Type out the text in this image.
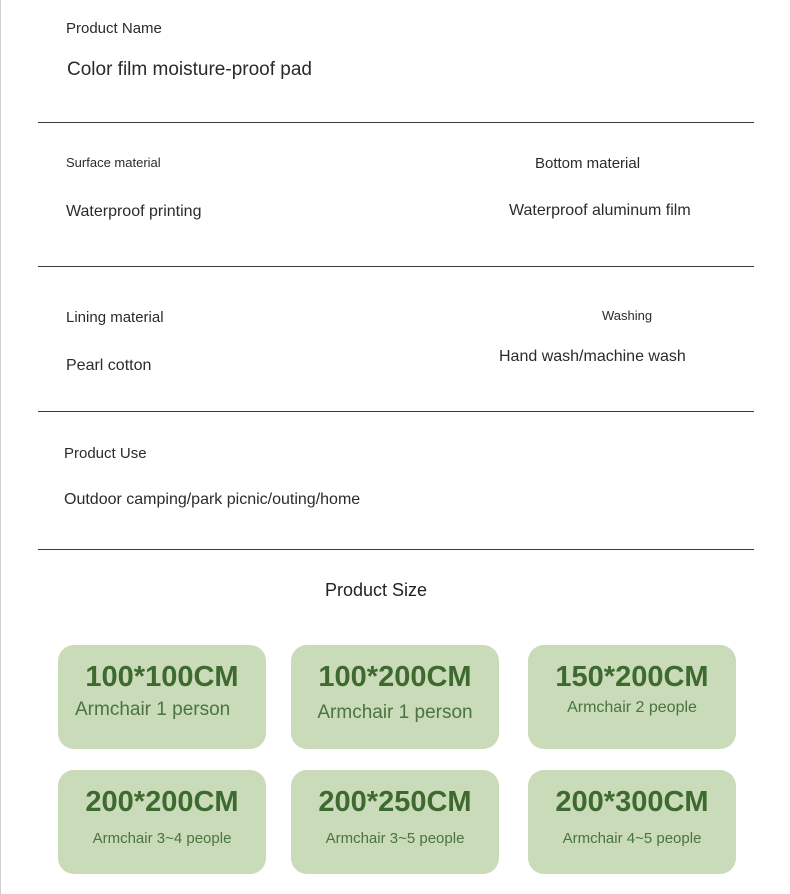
Product Name
Color film moisture-proof pad
Surface material
Waterproof printing
Bottom material
Waterproof aluminum film
Lining material
Pearl cotton
Washing
Hand wash/machine wash
Product Use
Outdoor camping/park picnic/outing/home
Product Size
100*100CM
Armchair 1 person
100*200CM
Armchair 1 person
150*200CM
Armchair 2 people
200*200CM
Armchair 3~4 people
200*250CM
Armchair 3~5 people
200*300CM
Armchair 4~5 people
